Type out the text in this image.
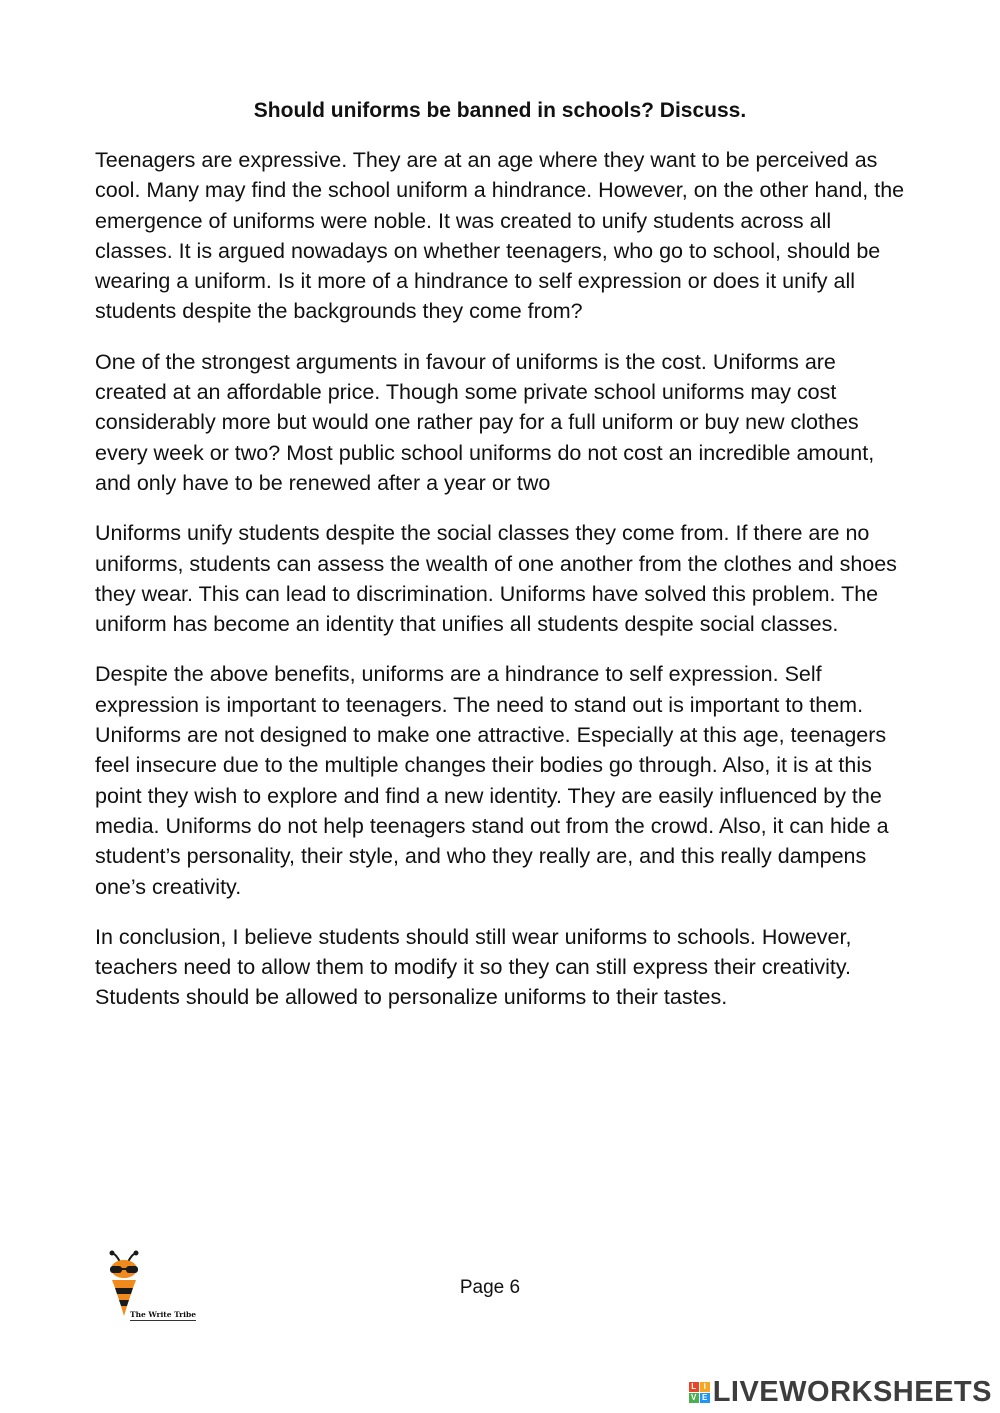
Should uniforms be banned in schools? Discuss.

Teenagers are expressive. They are at an age where they want to be perceived as cool. Many may find the school uniform a hindrance. However, on the other hand, the emergence of uniforms were noble. It was created to unify students across all classes. It is argued nowadays on whether teenagers, who go to school, should be wearing a uniform. Is it more of a hindrance to self expression or does it unify all students despite the backgrounds they come from?

One of the strongest arguments in favour of uniforms is the cost. Uniforms are created at an affordable price. Though some private school uniforms may cost considerably more but would one rather pay for a full uniform or buy new clothes every week or two? Most public school uniforms do not cost an incredible amount, and only have to be renewed after a year or two

Uniforms unify students despite the social classes they come from. If there are no uniforms, students can assess the wealth of one another from the clothes and shoes they wear. This can lead to discrimination. Uniforms have solved this problem. The uniform has become an identity that unifies all students despite social classes.

Despite the above benefits, uniforms are a hindrance to self expression. Self expression is important to teenagers. The need to stand out is important to them. Uniforms are not designed to make one attractive. Especially at this age, teenagers feel insecure due to the multiple changes their bodies go through. Also, it is at this point they wish to explore and find a new identity. They are easily influenced by the media. Uniforms do not help teenagers stand out from the crowd. Also, it can hide a student’s personality, their style, and who they really are, and this really dampens one’s creativity.

In conclusion, I believe students should still wear uniforms to schools. However, teachers need to allow them to modify it so they can still express their creativity. Students should be allowed to personalize uniforms to their tastes.

The Write Tribe
Page 6
L I
V E LIVEWORKSHEETS
